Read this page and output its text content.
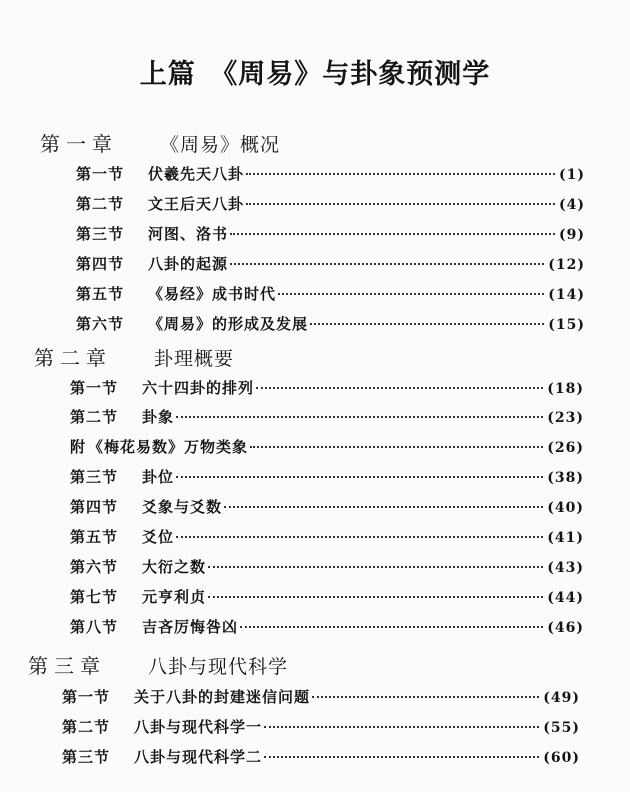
上篇　《周易》与卦象预测学
第一章	《周易》概况
第一节	伏羲先天八卦	(1)
第二节	文王后天八卦	(4)
第三节	河图、洛书	(9)
第四节	八卦的起源	(12)
第五节	《易经》成书时代	(14)
第六节	《周易》的形成及发展	(15)
第二章	卦理概要
第一节	六十四卦的排列	(18)
第二节	卦象	(23)
附 《梅花易数》万物类象	(26)
第三节	卦位	(38)
第四节	爻象与爻数	(40)
第五节	爻位	(41)
第六节	大衍之数	(43)
第七节	元亨利贞	(44)
第八节	吉吝厉悔咎凶	(46)
第三章	八卦与现代科学
第一节	关于八卦的封建迷信问题	(49)
第二节	八卦与现代科学一	(55)
第三节	八卦与现代科学二	(60)
